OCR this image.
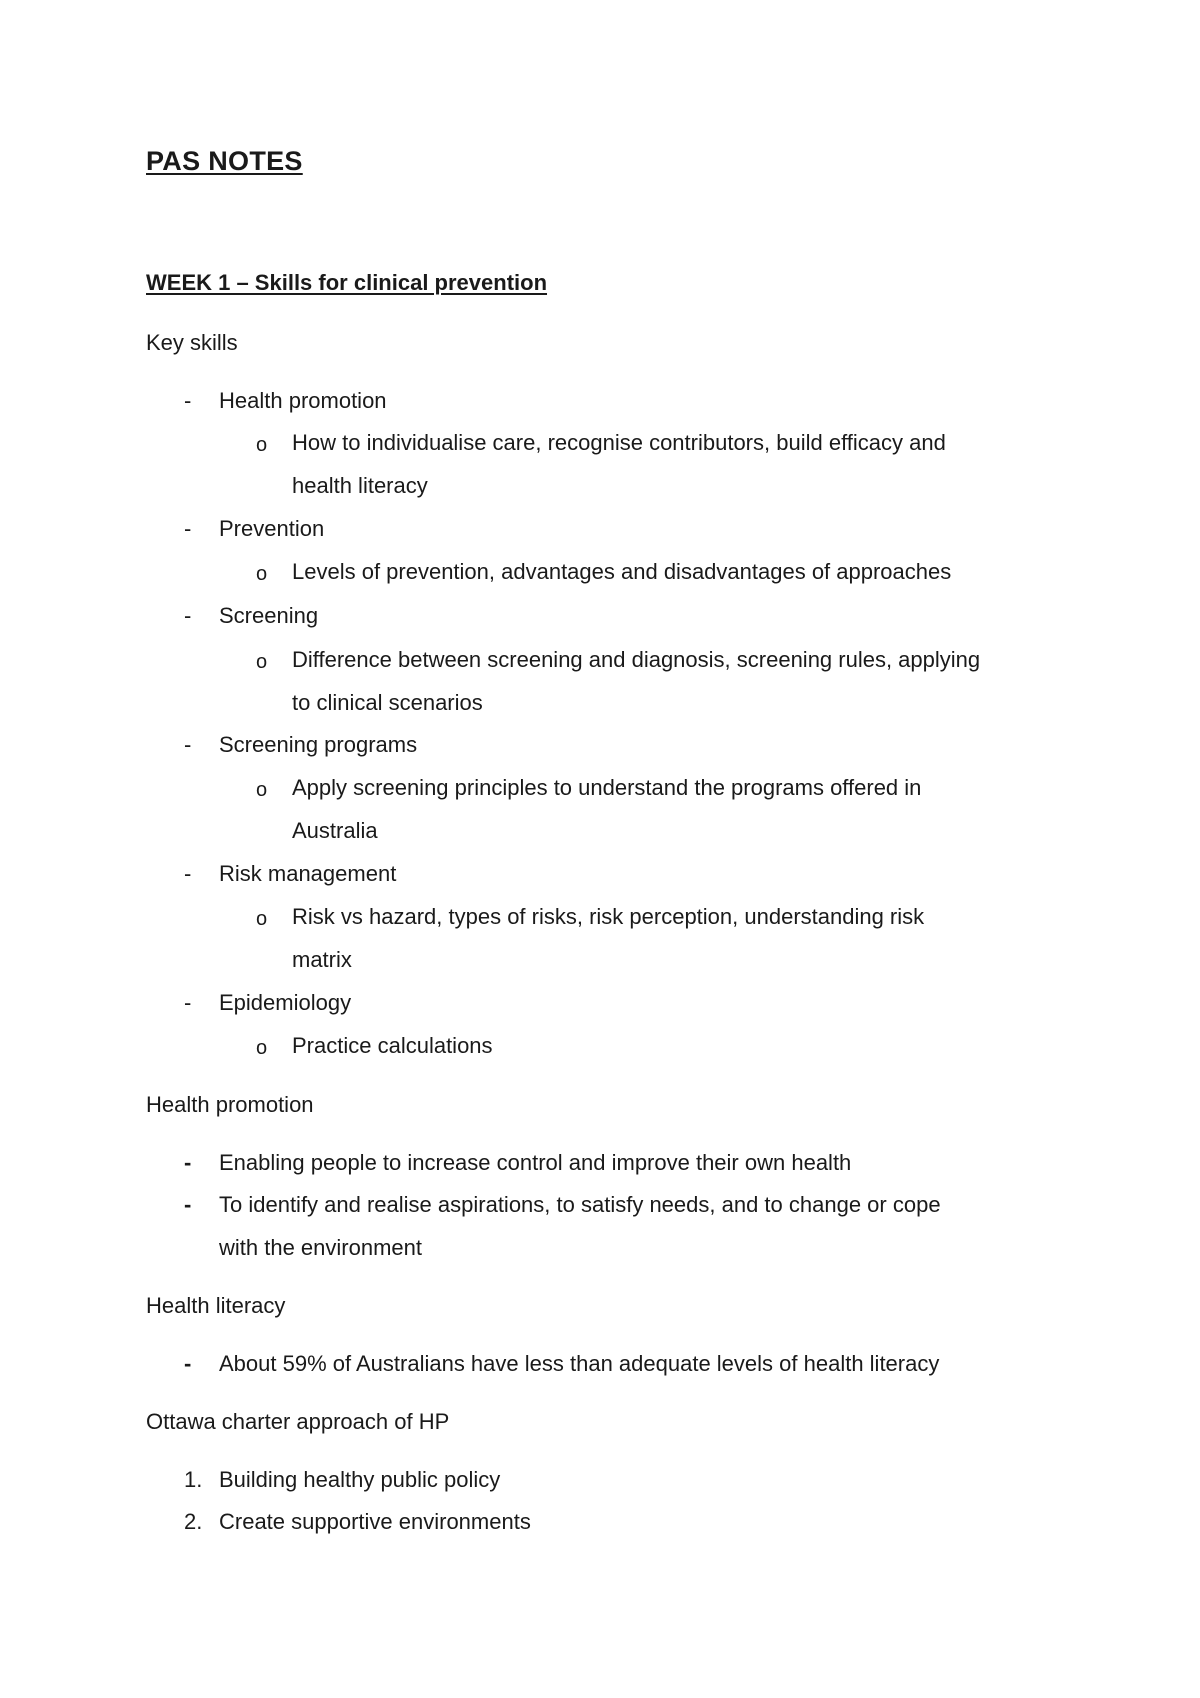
PAS NOTES
WEEK 1 – Skills for clinical prevention
Key skills
- Health promotion
o How to individualise care, recognise contributors, build efficacy and
health literacy
- Prevention
o Levels of prevention, advantages and disadvantages of approaches
- Screening
o Difference between screening and diagnosis, screening rules, applying
to clinical scenarios
- Screening programs
o Apply screening principles to understand the programs offered in
Australia
- Risk management
o Risk vs hazard, types of risks, risk perception, understanding risk
matrix
- Epidemiology
o Practice calculations
Health promotion
- Enabling people to increase control and improve their own health
- To identify and realise aspirations, to satisfy needs, and to change or cope
with the environment
Health literacy
- About 59% of Australians have less than adequate levels of health literacy
Ottawa charter approach of HP
1. Building healthy public policy
2. Create supportive environments
